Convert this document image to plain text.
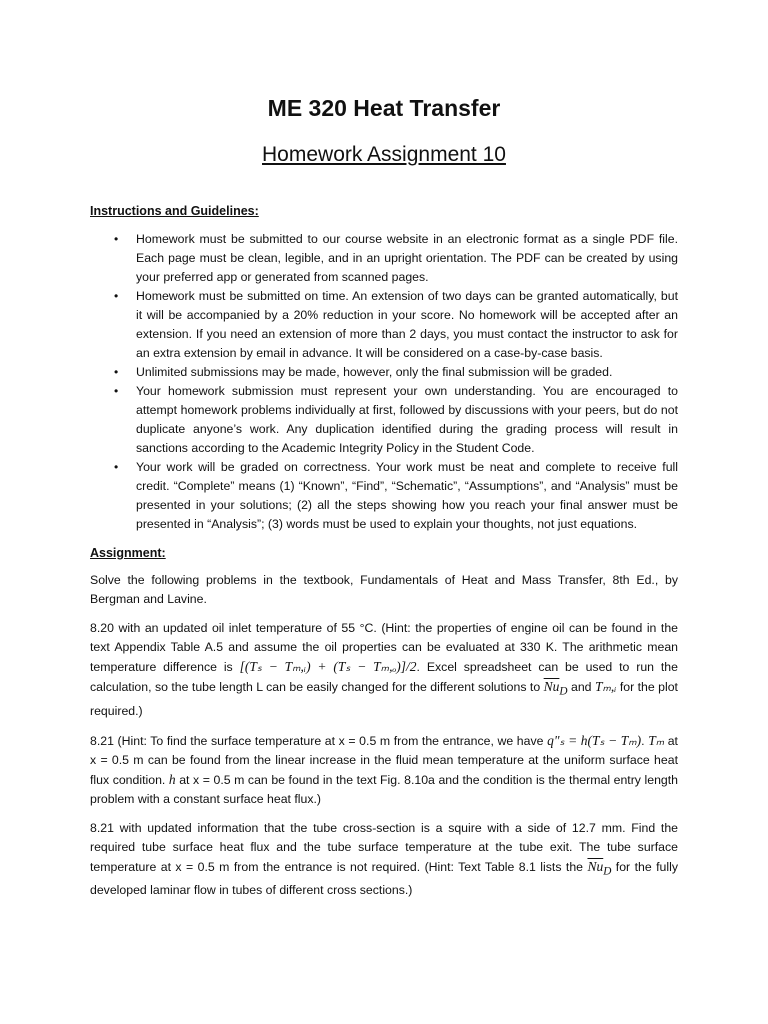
ME 320 Heat Transfer
Homework Assignment 10
Instructions and Guidelines:
• Homework must be submitted to our course website in an electronic format as a single PDF file. Each page must be clean, legible, and in an upright orientation. The PDF can be created by using your preferred app or generated from scanned pages.
• Homework must be submitted on time. An extension of two days can be granted automatically, but it will be accompanied by a 20% reduction in your score. No homework will be accepted after an extension. If you need an extension of more than 2 days, you must contact the instructor to ask for an extra extension by email in advance. It will be considered on a case-by-case basis.
• Unlimited submissions may be made, however, only the final submission will be graded.
• Your homework submission must represent your own understanding. You are encouraged to attempt homework problems individually at first, followed by discussions with your peers, but do not duplicate anyone’s work. Any duplication identified during the grading process will result in sanctions according to the Academic Integrity Policy in the Student Code.
• Your work will be graded on correctness. Your work must be neat and complete to receive full credit. “Complete” means (1) “Known”, “Find”, “Schematic”, “Assumptions”, and “Analysis” must be presented in your solutions; (2) all the steps showing how you reach your final answer must be presented in “Analysis”; (3) words must be used to explain your thoughts, not just equations.
Assignment:

Solve the following problems in the textbook, Fundamentals of Heat and Mass Transfer, 8th Ed., by Bergman and Lavine.

8.20 with an updated oil inlet temperature of 55 °C. (Hint: the properties of engine oil can be found in the text Appendix Table A.5 and assume the oil properties can be evaluated at 330 K. The arithmetic mean temperature difference is [(Tₛ − Tₘ,ᵢ) + (Tₛ − Tₘ,ₒ)]/2. Excel spreadsheet can be used to run the calculation, so the tube length L can be easily changed for the different solutions to $\overline{Nu}_D$ and Tₘ,ᵢ for the plot required.)

8.21 (Hint: To find the surface temperature at x = 0.5 m from the entrance, we have q"ₛ = h(Tₛ − Tₘ). Tₘ at x = 0.5 m can be found from the linear increase in the fluid mean temperature at the uniform surface heat flux condition. h at x = 0.5 m can be found in the text Fig. 8.10a and the condition is the thermal entry length problem with a constant surface heat flux.)

8.21 with updated information that the tube cross-section is a squire with a side of 12.7 mm. Find the required tube surface heat flux and the tube surface temperature at the tube exit. The tube surface temperature at x = 0.5 m from the entrance is not required. (Hint: Text Table 8.1 lists the $\overline{Nu}_D$ for the fully developed laminar flow in tubes of different cross sections.)
